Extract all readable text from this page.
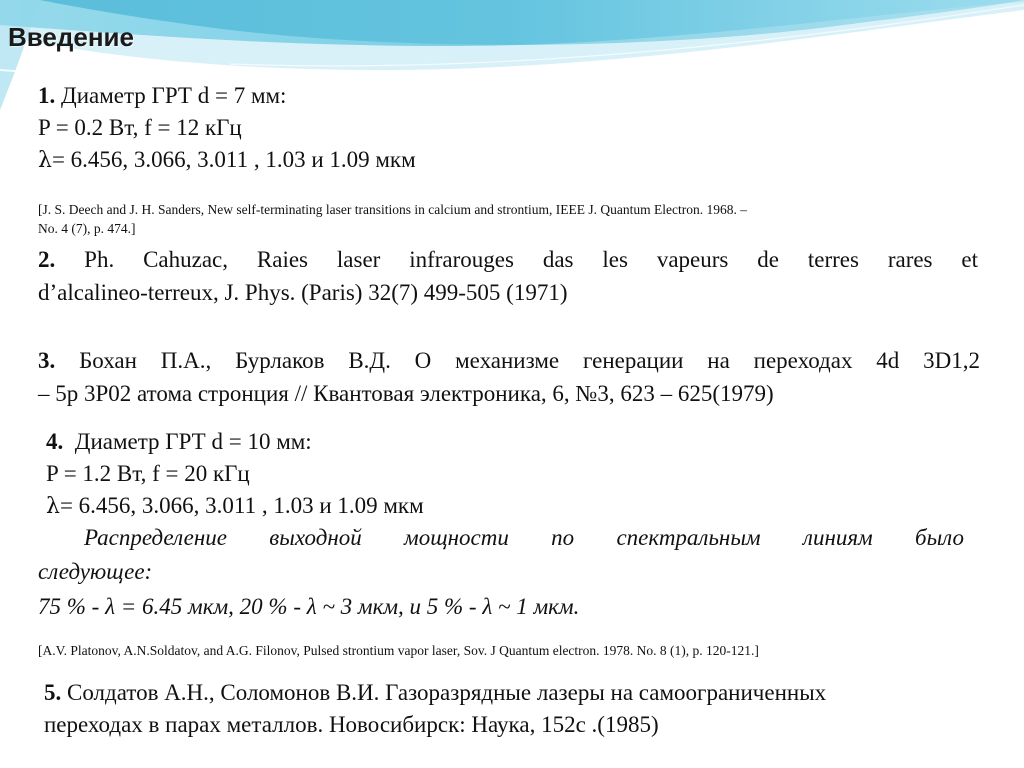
Введение
1. Диаметр ГРТ d = 7 мм:
P = 0.2 Вт, f = 12 кГц
λ= 6.456, 3.066, 3.011 , 1.03 и 1.09 мкм
[J. S. Deech and J. H. Sanders, New self-terminating laser transitions in calcium and strontium, IEEE J. Quantum Electron. 1968. –
No. 4 (7), p. 474.]
2. Ph. Cahuzac, Raies laser infrarouges das les vapeurs de terres rares et
d’alcalineo-terreux, J. Phys. (Paris) 32(7) 499-505 (1971)
3. Бохан П.А., Бурлаков В.Д. О механизме генерации на переходах 4d 3D1,2
– 5p 3P02 атома стронция // Квантовая электроника, 6, №3, 623 – 625(1979)
4. Диаметр ГРТ d = 10 мм:
P = 1.2 Вт, f = 20 кГц
λ= 6.456, 3.066, 3.011 , 1.03 и 1.09 мкм
Распределение выходной мощности по спектральным линиям было
следующее:
75 % - λ = 6.45 мкм, 20 % - λ ~ 3 мкм, и 5 % - λ ~ 1 мкм.
[A.V. Platonov, A.N.Soldatov, and A.G. Filonov, Pulsed strontium vapor laser, Sov. J Quantum electron. 1978. No. 8 (1), p. 120-121.]
5. Солдатов А.Н., Соломонов В.И. Газоразрядные лазеры на самоограниченных
переходах в парах металлов. Новосибирск: Наука, 152с .(1985)
